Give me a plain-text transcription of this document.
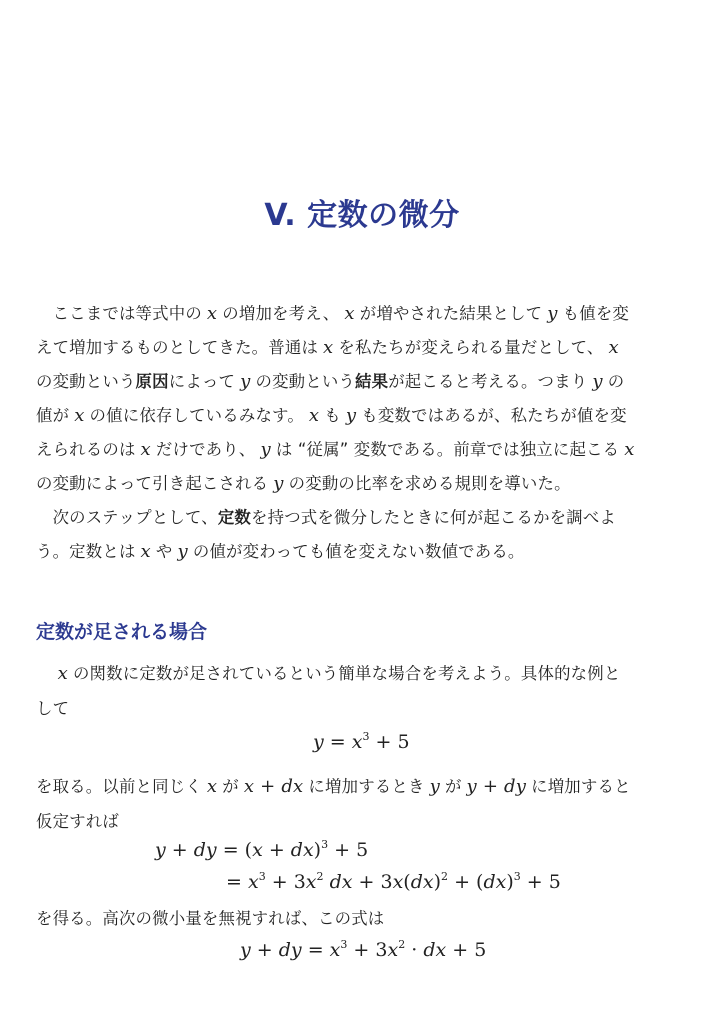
V. 定数の微分
　ここまでは等式中の x の増加を考え、 x が増やされた結果として y も値を変
えて増加するものとしてきた。普通は x を私たちが変えられる量だとして、 x
の変動という原因によって y の変動という結果が起こると考える。つまり y の
値が x の値に依存しているみなす。 x も y も変数ではあるが、私たちが値を変
えられるのは x だけであり、 y は “従属” 変数である。前章では独立に起こる x
の変動によって引き起こされる y の変動の比率を求める規則を導いた。
　次のステップとして、定数を持つ式を微分したときに何が起こるかを調べよ
う。定数とは x や y の値が変わっても値を変えない数値である。
定数が足される場合
　x の関数に定数が足されているという簡単な場合を考えよう。具体的な例と
して
$y = x^3 + 5$
を取る。以前と同じく x が x + dx に増加するとき y が y + dy に増加すると
仮定すれば
y + dy = (x + dx)$^3$ + 5
= $x^3 + 3x^2$ dx + 3x(dx)$^2$ + (dx)$^3$ + 5
を得る。高次の微小量を無視すれば、この式は
y + dy = $x^3 + 3x^2$ · dx + 5
